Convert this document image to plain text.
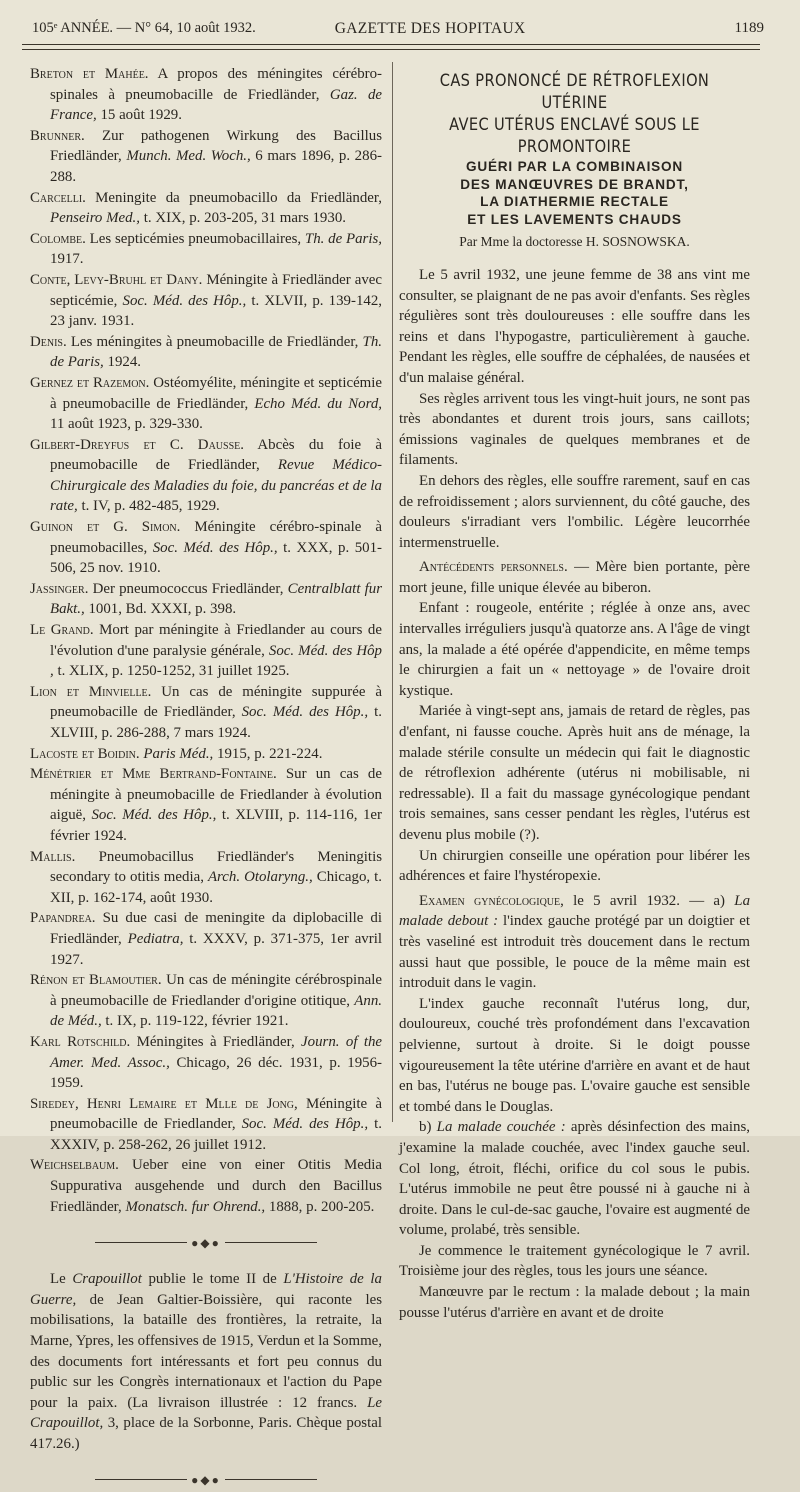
105ᵉ ANNÉE. — N° 64, 10 août 1932.	GAZETTE DES HOPITAUX	1189

Breton et Mahée. A propos des méningites cérébro-spinales à pneumobacille de Friedländer, Gaz. de France, 15 août 1929.

Brunner. Zur pathogenen Wirkung des Bacillus Friedländer, Munch. Med. Woch., 6 mars 1896, p. 286-288.

Carcelli. Meningite da pneumobacillo da Friedländer, Penseiro Med., t. XIX, p. 203-205, 31 mars 1930.

Colombe. Les septicémies pneumobacillaires, Th. de Paris, 1917.

Conte, Levy-Bruhl et Dany. Méningite à Friedländer avec septicémie, Soc. Méd. des Hôp., t. XLVII, p. 139-142, 23 janv. 1931.

Denis. Les méningites à pneumobacille de Friedländer, Th. de Paris, 1924.

Gernez et Razemon. Ostéomyélite, méningite et septicémie à pneumobacille de Friedländer, Echo Méd. du Nord, 11 août 1923, p. 329-330.

Gilbert-Dreyfus et C. Dausse. Abcès du foie à pneumobacille de Friedländer, Revue Médico-Chirurgicale des Maladies du foie, du pancréas et de la rate, t. IV, p. 482-485, 1929.

Guinon et G. Simon. Méningite cérébro-spinale à pneumobacilles, Soc. Méd. des Hôp., t. XXX, p. 501-506, 25 nov. 1910.

Jassinger. Der pneumococcus Friedländer, Centralblatt fur Bakt., 1001, Bd. XXXI, p. 398.

Le Grand. Mort par méningite à Friedlander au cours de l'évolution d'une paralysie générale, Soc. Méd. des Hôp , t. XLIX, p. 1250-1252, 31 juillet 1925.

Lion et Minvielle. Un cas de méningite suppurée à pneumobacille de Friedländer, Soc. Méd. des Hôp., t. XLVIII, p. 286-288, 7 mars 1924.

Lacoste et Boidin. Paris Méd., 1915, p. 221-224.

Ménétrier et Mme Bertrand-Fontaine. Sur un cas de méningite à pneumobacille de Friedlander à évolution aiguë, Soc. Méd. des Hôp., t. XLVIII, p. 114-116, 1er février 1924.

Mallis. Pneumobacillus Friedländer's Meningitis secondary to otitis media, Arch. Otolaryng., Chicago, t. XII, p. 162-174, août 1930.

Papandrea. Su due casi de meningite da diplobacille di Friedländer, Pediatra, t. XXXV, p. 371-375, 1er avril 1927.

Rénon et Blamoutier. Un cas de méningite cérébrospinale à pneumobacille de Friedlander d'origine otitique, Ann. de Méd., t. IX, p. 119-122, février 1921.

Karl Rotschild. Méningites à Friedländer, Journ. of the Amer. Med. Assoc., Chicago, 26 déc. 1931, p. 1956-1959.

Siredey, Henri Lemaire et Mlle de Jong, Méningite à pneumobacille de Friedlander, Soc. Méd. des Hôp., t. XXXIV, p. 258-262, 26 juillet 1912.

Weichselbaum. Ueber eine von einer Otitis Media Suppurativa ausgehende und durch den Bacillus Friedländer, Monatsch. fur Ohrend., 1888, p. 200-205.

●◆●

Le Crapouillot publie le tome II de L'Histoire de la Guerre, de Jean Galtier-Boissière, qui raconte les mobilisations, la bataille des frontières, la retraite, la Marne, Ypres, les offensives de 1915, Verdun et la Somme, des documents fort intéressants et fort peu connus du public sur les Congrès internationaux et l'action du Pape pour la paix. (La livraison illustrée : 12 francs. Le Crapouillot, 3, place de la Sorbonne, Paris. Chèque postal 417.26.)

●◆●
CAS PRONONCÉ DE RÉTROFLEXION UTÉRINE
AVEC UTÉRUS ENCLAVÉ SOUS LE PROMONTOIRE
GUÉRI PAR LA COMBINAISON
DES MANŒUVRES DE BRANDT,
LA DIATHERMIE RECTALE
ET LES LAVEMENTS CHAUDS

Par Mme la doctoresse H. SOSNOWSKA.

Le 5 avril 1932, une jeune femme de 38 ans vint me consulter, se plaignant de ne pas avoir d'enfants. Ses règles régulières sont très douloureuses : elle souffre dans les reins et dans l'hypogastre, particulièrement à gauche. Pendant les règles, elle souffre de céphalées, de nausées et d'un malaise général.

Ses règles arrivent tous les vingt-huit jours, ne sont pas très abondantes et durent trois jours, sans caillots; émissions vaginales de quelques membranes et de filaments.

En dehors des règles, elle souffre rarement, sauf en cas de refroidissement ; alors surviennent, du côté gauche, des douleurs s'irradiant vers l'ombilic. Légère leucorrhée intermenstruelle.

Antécédents personnels. — Mère bien portante, père mort jeune, fille unique élevée au biberon.

Enfant : rougeole, entérite ; réglée à onze ans, avec intervalles irréguliers jusqu'à quatorze ans. A l'âge de vingt ans, la malade a été opérée d'appendicite, en même temps le chirurgien a fait un « nettoyage » de l'ovaire droit kystique.

Mariée à vingt-sept ans, jamais de retard de règles, pas d'enfant, ni fausse couche. Après huit ans de ménage, la malade stérile consulte un médecin qui fait le diagnostic de rétroflexion adhérente (utérus ni mobilisable, ni redressable). Il a fait du massage gynécologique pendant trois semaines, sans cesser pendant les règles, l'utérus est devenu plus mobile (?).

Un chirurgien conseille une opération pour libérer les adhérences et faire l'hystéropexie.

Examen gynécologique, le 5 avril 1932. — a) La malade debout : l'index gauche protégé par un doigtier et très vaseliné est introduit très doucement dans le rectum aussi haut que possible, le pouce de la même main est introduit dans le vagin.

L'index gauche reconnaît l'utérus long, dur, douloureux, couché très profondément dans l'excavation pelvienne, surtout à droite. Si le doigt pousse vigoureusement la tête utérine d'arrière en avant et de haut en bas, l'utérus ne bouge pas. L'ovaire gauche est sensible et tombé dans le Douglas.

b) La malade couchée : après désinfection des mains, j'examine la malade couchée, avec l'index gauche seul. Col long, étroit, fléchi, orifice du col sous le pubis. L'utérus immobile ne peut être poussé ni à gauche ni à droite. Dans le cul-de-sac gauche, l'ovaire est augmenté de volume, prolabé, très sensible.

Je commence le traitement gynécologique le 7 avril. Troisième jour des règles, tous les jours une séance.

Manœuvre par le rectum : la malade debout ; la main pousse l'utérus d'arrière en avant et de droite
